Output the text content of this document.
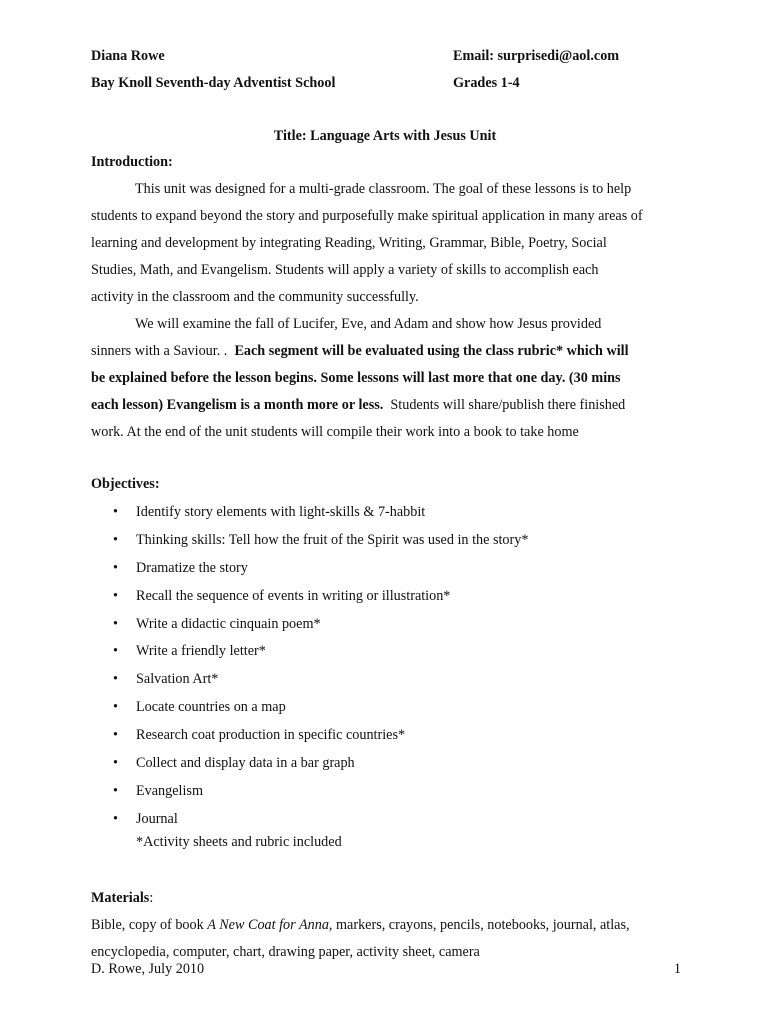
Diana Rowe
Bay Knoll Seventh-day Adventist School
Email: surprisedi@aol.com
Grades 1-4
Title: Language Arts with Jesus Unit
Introduction:
This unit was designed for a multi-grade classroom. The goal of these lessons is to help
students to expand beyond the story and purposefully make spiritual application in many areas of
learning and development by integrating Reading, Writing, Grammar, Bible, Poetry, Social
Studies, Math, and Evangelism. Students will apply a variety of skills to accomplish each
activity in the classroom and the community successfully.
We will examine the fall of Lucifer, Eve, and Adam and show how Jesus provided
sinners with a Saviour. .  Each segment will be evaluated using the class rubric* which will
be explained before the lesson begins. Some lessons will last more that one day. (30 mins
each lesson) Evangelism is a month more or less.  Students will share/publish there finished
work. At the end of the unit students will compile their work into a book to take home
Objectives:
• Identify story elements with light-skills & 7-habbit
• Thinking skills: Tell how the fruit of the Spirit was used in the story*
• Dramatize the story
• Recall the sequence of events in writing or illustration*
• Write a didactic cinquain poem*
• Write a friendly letter*
• Salvation Art*
• Locate countries on a map
• Research coat production in specific countries*
• Collect and display data in a bar graph
• Evangelism
• Journal
*Activity sheets and rubric included
Materials:
Bible, copy of book A New Coat for Anna, markers, crayons, pencils, notebooks, journal, atlas,
encyclopedia, computer, chart, drawing paper, activity sheet, camera
D. Rowe, July 2010	1
